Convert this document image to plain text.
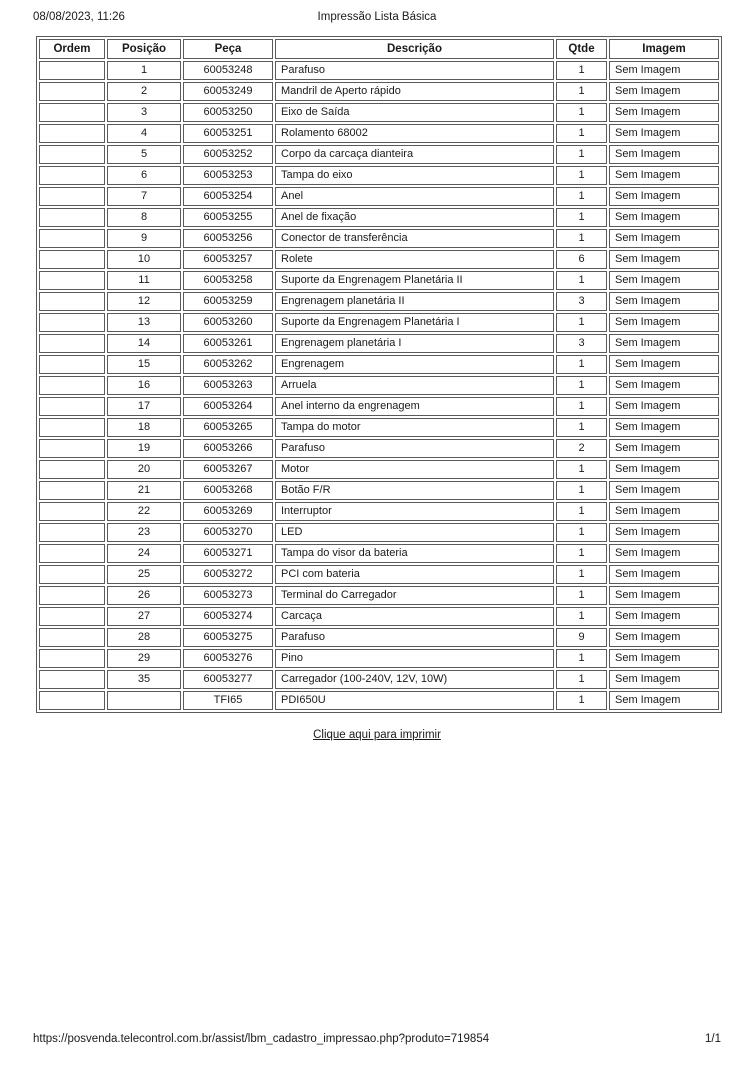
08/08/2023, 11:26	Impressão Lista Básica
Ordem	Posição	Peça	Descrição	Qtde	Imagem
	1	60053248	Parafuso	1	Sem Imagem
	2	60053249	Mandril de Aperto rápido	1	Sem Imagem
	3	60053250	Eixo de Saída	1	Sem Imagem
	4	60053251	Rolamento 68002	1	Sem Imagem
	5	60053252	Corpo da carcaça dianteira	1	Sem Imagem
	6	60053253	Tampa do eixo	1	Sem Imagem
	7	60053254	Anel	1	Sem Imagem
	8	60053255	Anel de fixação	1	Sem Imagem
	9	60053256	Conector de transferência	1	Sem Imagem
	10	60053257	Rolete	6	Sem Imagem
	11	60053258	Suporte da Engrenagem Planetária II	1	Sem Imagem
	12	60053259	Engrenagem planetária II	3	Sem Imagem
	13	60053260	Suporte da Engrenagem Planetária I	1	Sem Imagem
	14	60053261	Engrenagem planetária I	3	Sem Imagem
	15	60053262	Engrenagem	1	Sem Imagem
	16	60053263	Arruela	1	Sem Imagem
	17	60053264	Anel interno da engrenagem	1	Sem Imagem
	18	60053265	Tampa do motor	1	Sem Imagem
	19	60053266	Parafuso	2	Sem Imagem
	20	60053267	Motor	1	Sem Imagem
	21	60053268	Botão F/R	1	Sem Imagem
	22	60053269	Interruptor	1	Sem Imagem
	23	60053270	LED	1	Sem Imagem
	24	60053271	Tampa do visor da bateria	1	Sem Imagem
	25	60053272	PCI com bateria	1	Sem Imagem
	26	60053273	Terminal do Carregador	1	Sem Imagem
	27	60053274	Carcaça	1	Sem Imagem
	28	60053275	Parafuso	9	Sem Imagem
	29	60053276	Pino	1	Sem Imagem
	35	60053277	Carregador (100-240V, 12V, 10W)	1	Sem Imagem
		TFI65	PDI650U	1	Sem Imagem
Clique aqui para imprimir
https://posvenda.telecontrol.com.br/assist/lbm_cadastro_impressao.php?produto=719854	1/1
